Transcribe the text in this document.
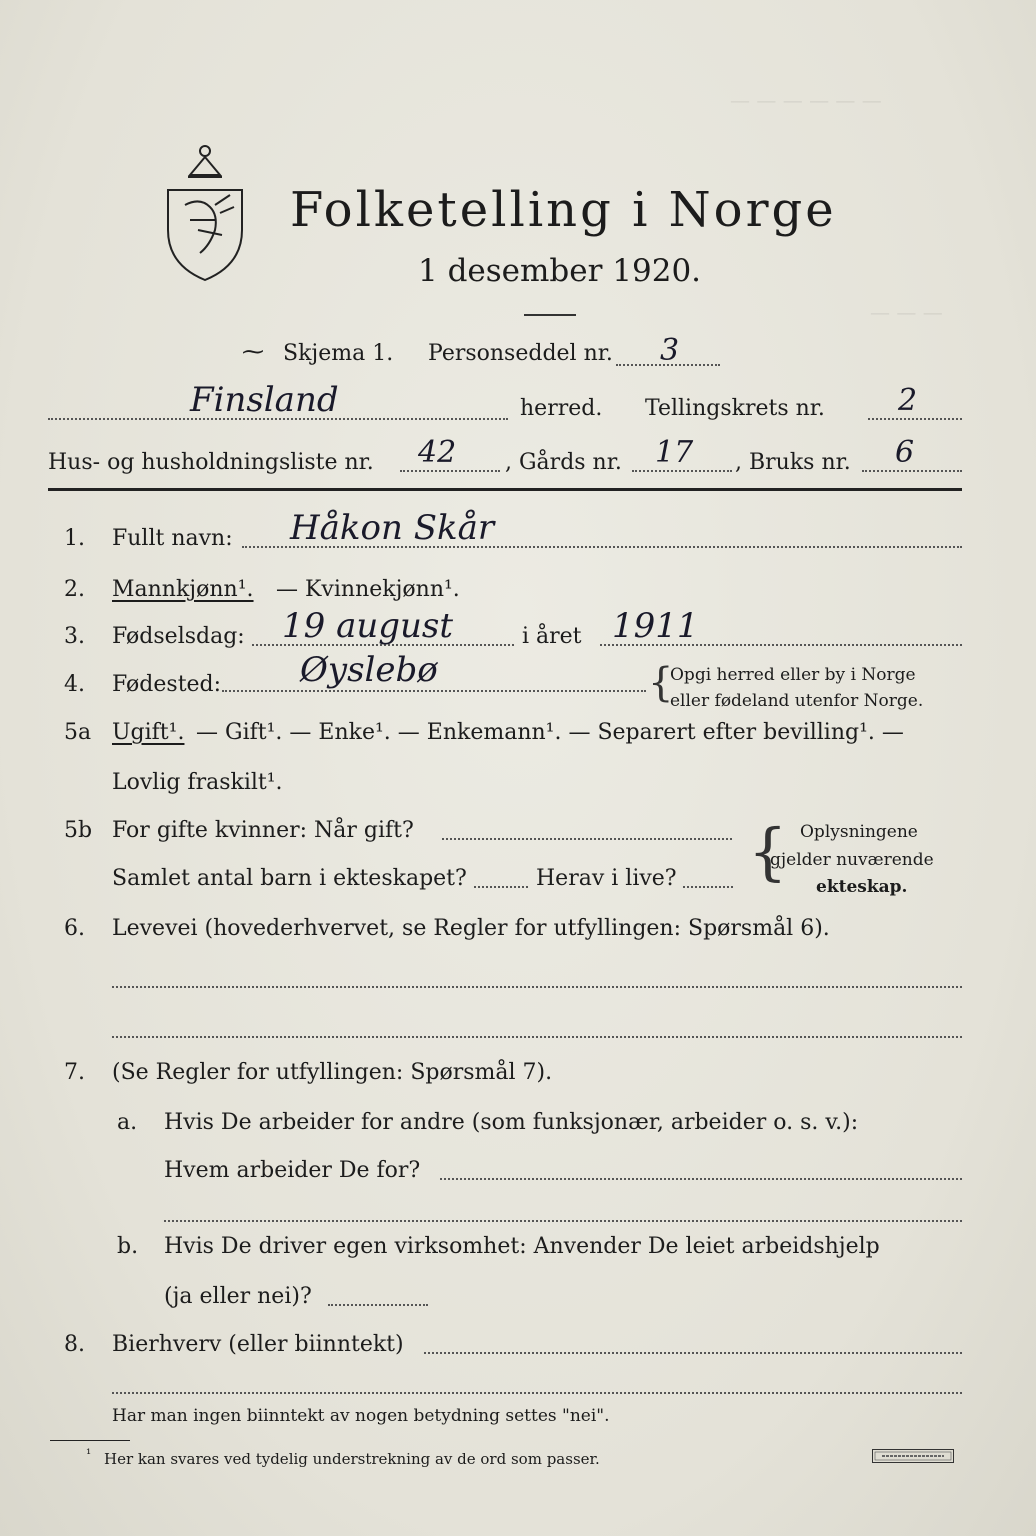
— — — — — —
— — —
Folketelling i Norge
1 desember 1920.
⁓ Skjema 1. Personseddel nr. 3
Finsland	herred. Tellingskrets nr. 2
Hus- og husholdningsliste nr. 42 , Gårds nr. 17 , Bruks nr. 6
1. Fullt navn: Håkon Skår
2. Mannkjønn¹. — Kvinnekjønn¹.
3. Fødselsdag: 19 august	i året 1911
4. Fødested: Øyslebø	{
Opgi herred eller by i Norge
eller fødeland utenfor Norge.
5a Ugift¹. — Gift¹. — Enke¹. — Enkemann¹. — Separert efter bevilling¹. —
Lovlig fraskilt¹.
5b For gifte kvinner: Når gift?
Samlet antal barn i ekteskapet?	Herav i live? { Oplysningene
gjelder nuværende
ekteskap.
6. Levevei (hovederhvervet, se Regler for utfyllingen: Spørsmål 6).
7. (Se Regler for utfyllingen: Spørsmål 7).
a. Hvis De arbeider for andre (som funksjonær, arbeider o. s. v.):
Hvem arbeider De for?
b. Hvis De driver egen virksomhet: Anvender De leiet arbeidshjelp
(ja eller nei)?
8. Bierhverv (eller biinntekt)
Har man ingen biinntekt av nogen betydning settes "nei".
¹ Her kan svares ved tydelig understrekning av de ord som passer.
